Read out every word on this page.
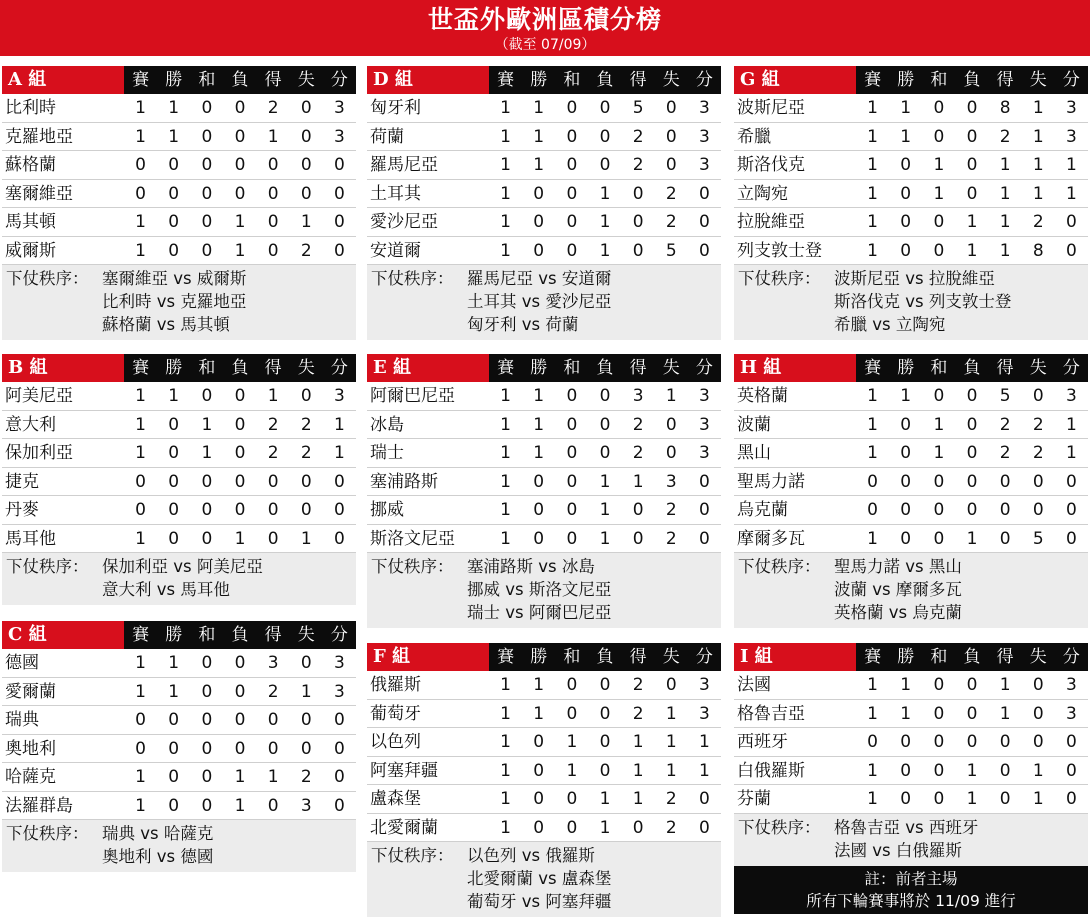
世盃外歐洲區積分榜
（截至 07/09）
A 組	賽 勝 和 負 得 失 分
比利時	1	1	0	0	2	0	3
克羅地亞	1	1	0	0	1	0	3
蘇格蘭	0	0	0	0	0	0	0
塞爾維亞	0	0	0	0	0	0	0
馬其頓	1	0	0	1	0	1	0
威爾斯	1	0	0	1	0	2	0
下仗秩序： 塞爾維亞 vs 威爾斯
比利時 vs 克羅地亞
蘇格蘭 vs 馬其頓
B 組	賽 勝 和 負 得 失 分
阿美尼亞	1	1	0	0	1	0	3
意大利	1	0	1	0	2	2	1
保加利亞	1	0	1	0	2	2	1
捷克	0	0	0	0	0	0	0
丹麥	0	0	0	0	0	0	0
馬耳他	1	0	0	1	0	1	0
下仗秩序： 保加利亞 vs 阿美尼亞
意大利 vs 馬耳他
C 組	賽 勝 和 負 得 失 分
德國	1	1	0	0	3	0	3
愛爾蘭	1	1	0	0	2	1	3
瑞典	0	0	0	0	0	0	0
奧地利	0	0	0	0	0	0	0
哈薩克	1	0	0	1	1	2	0
法羅群島	1	0	0	1	0	3	0
下仗秩序： 瑞典 vs 哈薩克
奧地利 vs 德國
D 組	賽 勝 和 負 得 失 分
匈牙利	1	1	0	0	5	0	3
荷蘭	1	1	0	0	2	0	3
羅馬尼亞	1	1	0	0	2	0	3
土耳其	1	0	0	1	0	2	0
愛沙尼亞	1	0	0	1	0	2	0
安道爾	1	0	0	1	0	5	0
下仗秩序： 羅馬尼亞 vs 安道爾
土耳其 vs 愛沙尼亞
匈牙利 vs 荷蘭
E 組	賽 勝 和 負 得 失 分
阿爾巴尼亞	1	1	0	0	3	1	3
冰島	1	1	0	0	2	0	3
瑞士	1	1	0	0	2	0	3
塞浦路斯	1	0	0	1	1	3	0
挪威	1	0	0	1	0	2	0
斯洛文尼亞	1	0	0	1	0	2	0
下仗秩序： 塞浦路斯 vs 冰島
挪威 vs 斯洛文尼亞
瑞士 vs 阿爾巴尼亞
F 組	賽 勝 和 負 得 失 分
俄羅斯	1	1	0	0	2	0	3
葡萄牙	1	1	0	0	2	1	3
以色列	1	0	1	0	1	1	1
阿塞拜疆	1	0	1	0	1	1	1
盧森堡	1	0	0	1	1	2	0
北愛爾蘭	1	0	0	1	0	2	0
下仗秩序： 以色列 vs 俄羅斯
北愛爾蘭 vs 盧森堡
葡萄牙 vs 阿塞拜疆
G 組	賽 勝 和 負 得 失 分
波斯尼亞	1	1	0	0	8	1	3
希臘	1	1	0	0	2	1	3
斯洛伐克	1	0	1	0	1	1	1
立陶宛	1	0	1	0	1	1	1
拉脫維亞	1	0	0	1	1	2	0
列支敦士登	1	0	0	1	1	8	0
下仗秩序： 波斯尼亞 vs 拉脫維亞
斯洛伐克 vs 列支敦士登
希臘 vs 立陶宛
H 組	賽 勝 和 負 得 失 分
英格蘭	1	1	0	0	5	0	3
波蘭	1	0	1	0	2	2	1
黑山	1	0	1	0	2	2	1
聖馬力諾	0	0	0	0	0	0	0
烏克蘭	0	0	0	0	0	0	0
摩爾多瓦	1	0	0	1	0	5	0
下仗秩序： 聖馬力諾 vs 黑山
波蘭 vs 摩爾多瓦
英格蘭 vs 烏克蘭
I 組	賽 勝 和 負 得 失 分
法國	1	1	0	0	1	0	3
格魯吉亞	1	1	0	0	1	0	3
西班牙	0	0	0	0	0	0	0
白俄羅斯	1	0	0	1	0	1	0
芬蘭	1	0	0	1	0	1	0
下仗秩序： 格魯吉亞 vs 西班牙
法國 vs 白俄羅斯
註：前者主場
所有下輪賽事將於 11/09 進行
